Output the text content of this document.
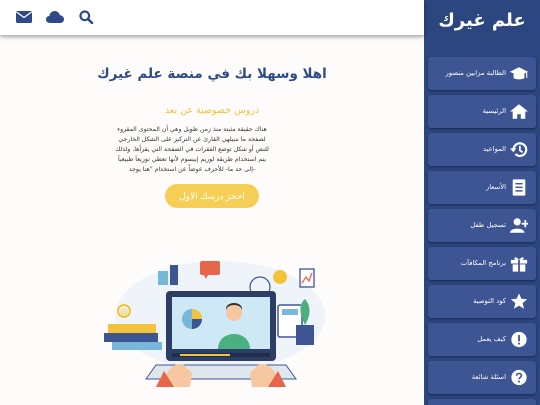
اهلا وسهلا بك في منصة علم غيرك
دروس خصوصية عن بعد
هناك حقيقة مثبتة منذ زمن طويل وهي أن المحتوى المقروء لصفحة ما سيلهي القارئ عن التركيز على الشكل الخارجي للنص أو شكل توضع الفقرات في الصفحة التي يقرأها. ولذلك يتم استخدام طريقة لوريم إيبسوم لأنها تعطي توزيعاَ طبيعياَ -إلى حد ما- للأحرف عوضاً عن استخدام "هنا يوجد
احجز درسك الاول
@
علم غيرك
الطالبة مزايين منصور
الرئيسية
المواعيد
الأسعار
تسجيل طفل
برنامج المكافآت
كود التوصية
كيف يعمل
اسئلة شائعة
